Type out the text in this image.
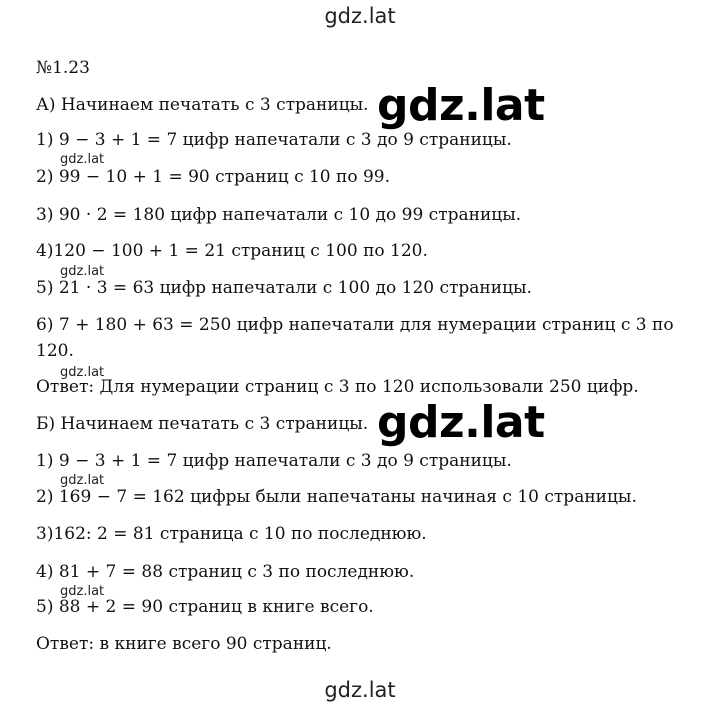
gdz.lat
№1.23
А) Начинаем печатать с 3 страницы. gdz.lat
1) 9 − 3 + 1 = 7 цифр напечатали с 3 до 9 страницы.
gdz.lat
2) 99 − 10 + 1 = 90 страниц с 10 по 99.
3) 90 · 2 = 180 цифр напечатали с 10 до 99 страницы.
4)120 − 100 + 1 = 21 страниц с 100 по 120.
gdz.lat
5) 21 · 3 = 63 цифр напечатали с 100 до 120 страницы.
6) 7 + 180 + 63 = 250 цифр напечатали для нумерации страниц с 3 по
120.
gdz.lat
Ответ: Для нумерации страниц с 3 по 120 использовали 250 цифр.
Б) Начинаем печатать с 3 страницы. gdz.lat
1) 9 − 3 + 1 = 7 цифр напечатали с 3 до 9 страницы.
gdz.lat
2) 169 − 7 = 162 цифры были напечатаны начиная с 10 страницы.
3)162: 2 = 81 страница с 10 по последнюю.
4) 81 + 7 = 88 страниц с 3 по последнюю.
gdz.lat
5) 88 + 2 = 90 страниц в книге всего.
Ответ: в книге всего 90 страниц.
gdz.lat
